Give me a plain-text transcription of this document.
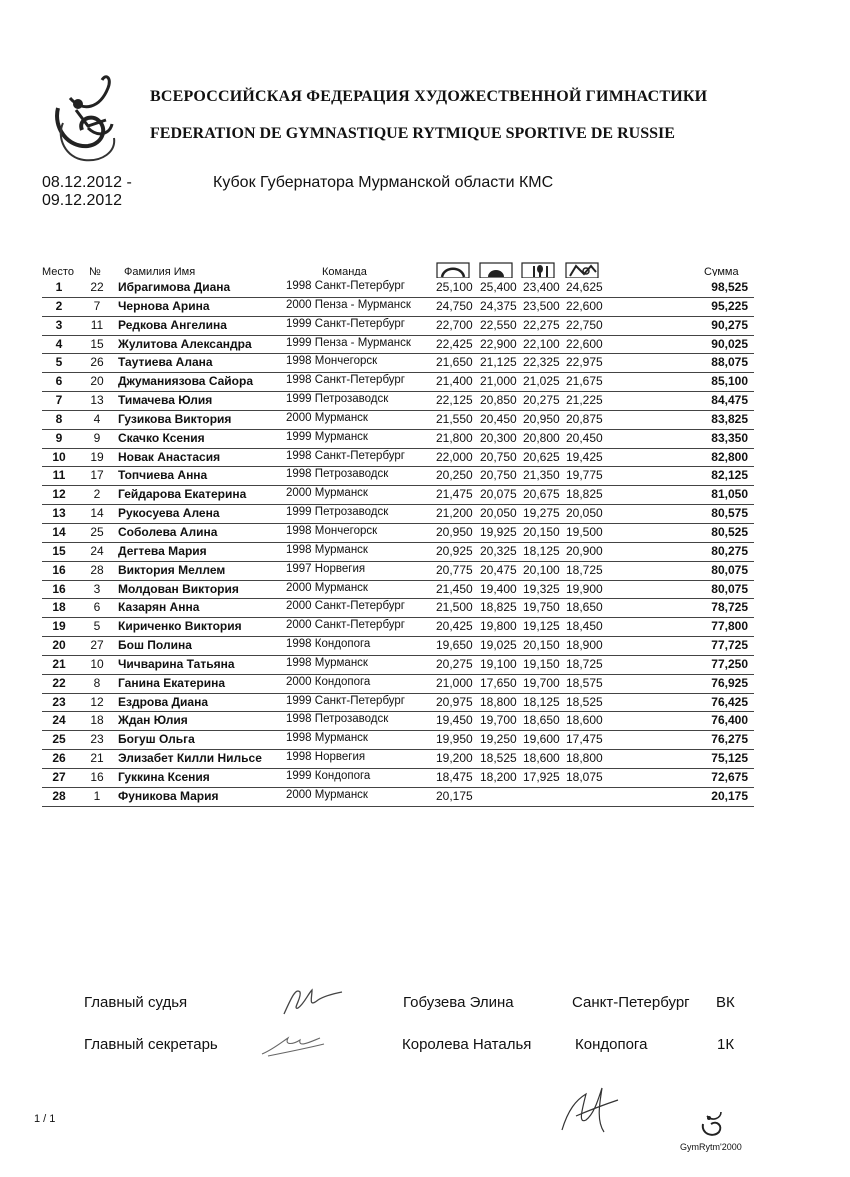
ВСЕРОССИЙСКАЯ ФЕДЕРАЦИЯ ХУДОЖЕСТВЕННОЙ ГИМНАСТИКИ
FEDERATION DE GYMNASTIQUE RYTMIQUE SPORTIVE DE RUSSIE
08.12.2012 -
09.12.2012
Кубок Губернатора Мурманской области КМС
Место № Фамилия Имя	Команда	Сумма
1	22	Ибрагимова Диана	1998 Санкт-Петербург	25,100 25,400 23,400 24,625	98,525
2	7	Чернова Арина	2000 Пенза - Мурманск 24,750 24,375 23,500 22,600	95,225
3	11	Редкова Ангелина	1999 Санкт-Петербург	22,700 22,550 22,275 22,750	90,275
4	15	Жулитова Александра	1999 Пенза - Мурманск 22,425 22,900 22,100 22,600	90,025
5	26	Таутиева Алана	1998 Мончегорск	21,650 21,125 22,325 22,975	88,075
6	20	Джуманиязова Сайора	1998 Санкт-Петербург	21,400 21,000 21,025 21,675	85,100
7	13	Тимачева Юлия	1999 Петрозаводск	22,125 20,850 20,275 21,225	84,475
8	4	Гузикова Виктория	2000 Мурманск	21,550 20,450 20,950 20,875	83,825
9	9	Скачко Ксения	1999 Мурманск	21,800 20,300 20,800 20,450	83,350
10	19	Новак Анастасия	1998 Санкт-Петербург	22,000 20,750 20,625 19,425	82,800
11	17	Топчиева Анна	1998 Петрозаводск	20,250 20,750 21,350 19,775	82,125
12	2	Гейдарова Екатерина	2000 Мурманск	21,475 20,075 20,675 18,825	81,050
13	14	Рукосуева Алена	1999 Петрозаводск	21,200 20,050 19,275 20,050	80,575
14	25	Соболева Алина	1998 Мончегорск	20,950 19,925 20,150 19,500	80,525
15	24	Дегтева Мария	1998 Мурманск	20,925 20,325 18,125 20,900	80,275
16	28	Виктория Меллем	1997 Норвегия	20,775 20,475 20,100 18,725	80,075
16	3	Молдован Виктория	2000 Мурманск	21,450 19,400 19,325 19,900	80,075
18	6	Казарян Анна	2000 Санкт-Петербург	21,500 18,825 19,750 18,650	78,725
19	5	Кириченко Виктория	2000 Санкт-Петербург	20,425 19,800 19,125 18,450	77,800
20	27	Бош Полина	1998 Кондопога	19,650 19,025 20,150 18,900	77,725
21	10	Чичварина Татьяна	1998 Мурманск	20,275 19,100 19,150 18,725	77,250
22	8	Ганина Екатерина	2000 Кондопога	21,000 17,650 19,700 18,575	76,925
23	12	Ездрова Диана	1999 Санкт-Петербург	20,975 18,800 18,125 18,525	76,425
24	18	Ждан Юлия	1998 Петрозаводск	19,450 19,700 18,650 18,600	76,400
25	23	Богуш Ольга	1998 Мурманск	19,950 19,250 19,600 17,475	76,275
26	21	Элизабет Килли Нильсе 1998 Норвегия	19,200 18,525 18,600 18,800	75,125
27	16	Гуккина Ксения	1999 Кондопога	18,475 18,200 17,925 18,075	72,675
28	1	Фуникова Мария	2000 Мурманск	20,175	20,175
Главный судья	Гобузева Элина	Санкт-Петербург ВК
Главный секретарь	Королева Наталья	Кондопога	1К
1 / 1
GymRytm'2000
